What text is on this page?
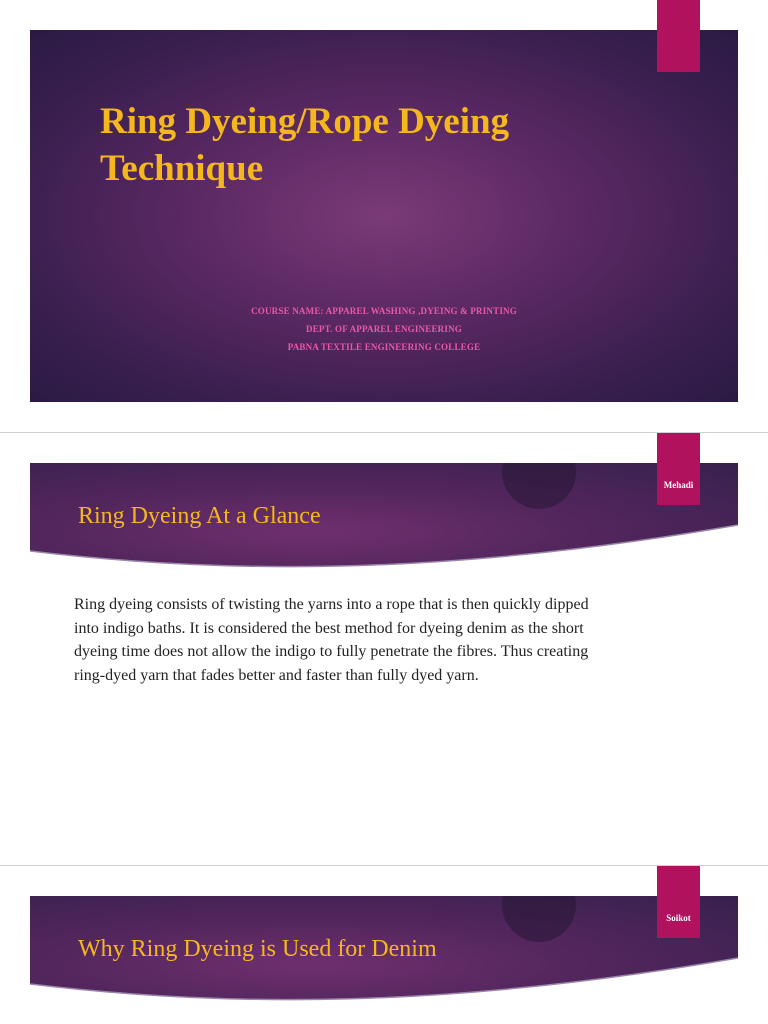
Ring Dyeing/Rope Dyeing
Technique
COURSE NAME: APPAREL WASHING ,DYEING & PRINTING
DEPT. OF APPAREL ENGINEERING
PABNA TEXTILE ENGINEERING COLLEGE
Ring Dyeing At a Glance
Mehadi
Ring dyeing consists of twisting the yarns into a rope that is then quickly dipped into indigo baths. It is considered the best method for dyeing denim as the short dyeing time does not allow the indigo to fully penetrate the fibres. Thus creating ring-dyed yarn that fades better and faster than fully dyed yarn.
Why Ring Dyeing is Used for Denim
Soikot
